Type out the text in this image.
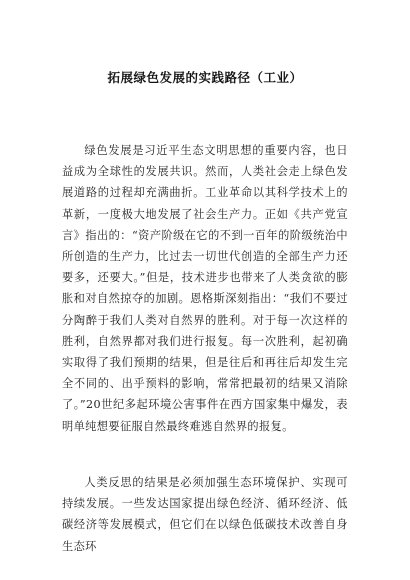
拓展绿色发展的实践路径（工业）

绿色发展是习近平生态文明思想的重要内容，也日益成为全球性的发展共识。然而，人类社会走上绿色发展道路的过程却充满曲折。工业革命以其科学技术上的革新，一度极大地发展了社会生产力。正如《共产党宣言》指出的：“资产阶级在它的不到一百年的阶级统治中所创造的生产力，比过去一切世代创造的全部生产力还要多，还要大。”但是，技术进步也带来了人类贪欲的膨胀和对自然掠夺的加剧。恩格斯深刻指出：“我们不要过分陶醉于我们人类对自然界的胜利。对于每一次这样的胜利，自然界都对我们进行报复。每一次胜利，起初确实取得了我们预期的结果，但是往后和再往后却发生完全不同的、出乎预料的影响，常常把最初的结果又消除了。”20世纪多起环境公害事件在西方国家集中爆发，表明单纯想要征服自然最终难逃自然界的报复。

人类反思的结果是必须加强生态环境保护、实现可持续发展。一些发达国家提出绿色经济、循环经济、低碳经济等发展模式，但它们在以绿色低碳技术改善自身生态环
